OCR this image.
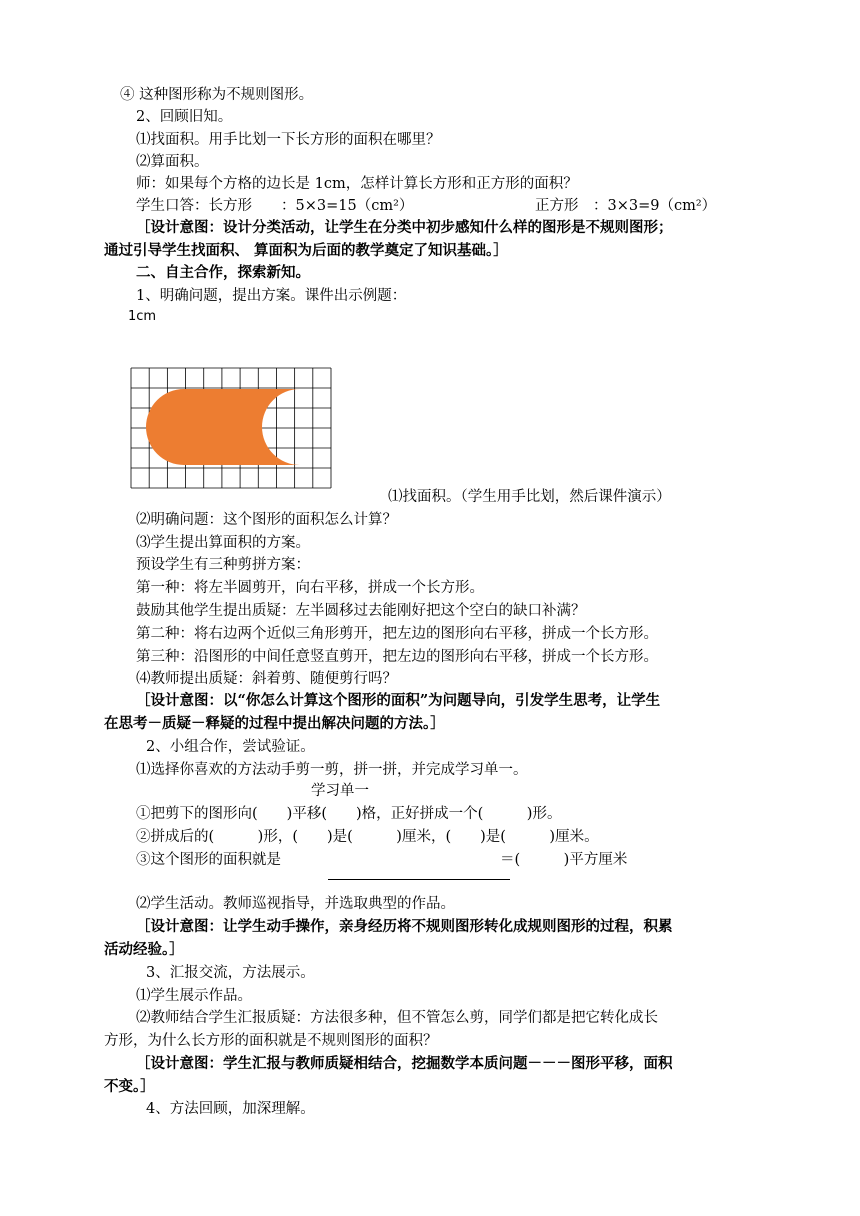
④ 这种图形称为不规则图形。
2、回顾旧知。
⑴找面积。用手比划一下长方形的面积在哪里？
⑵算面积。
师：如果每个方格的边长是 1cm，怎样计算长方形和正方形的面积？
学生口答：长方形　　：5×3=15（cm²）	正方形　：3×3=9（cm²）
［设计意图：设计分类活动，让学生在分类中初步感知什么样的图形是不规则图形；
通过引导学生找面积、 算面积为后面的教学奠定了知识基础。］
二、自主合作，探索新知。
1、明确问题，提出方案。课件出示例题：
1cm
⑴找面积。（学生用手比划，然后课件演示）
⑵明确问题：这个图形的面积怎么计算？
⑶学生提出算面积的方案。
预设学生有三种剪拼方案：
第一种：将左半圆剪开，向右平移，拼成一个长方形。
鼓励其他学生提出质疑：左半圆移过去能刚好把这个空白的缺口补满？
第二种：将右边两个近似三角形剪开，把左边的图形向右平移，拼成一个长方形。
第三种：沿图形的中间任意竖直剪开，把左边的图形向右平移，拼成一个长方形。
⑷教师提出质疑：斜着剪、随便剪行吗？
［设计意图：以“你怎么计算这个图形的面积”为问题导向，引发学生思考，让学生
在思考－质疑－释疑的过程中提出解决问题的方法。］
2、小组合作，尝试验证。
⑴选择你喜欢的方法动手剪一剪，拼一拼，并完成学习单一。
学习单一
①把剪下的图形向(　　)平移(　　)格，正好拼成一个(　　　)形。
②拼成后的(　　　)形，(　　)是(　　　)厘米，(　　)是(　　　)厘米。
③这个图形的面积就是	＝(　　　)平方厘米
⑵学生活动。教师巡视指导，并选取典型的作品。
［设计意图：让学生动手操作，亲身经历将不规则图形转化成规则图形的过程，积累
活动经验。］
3、汇报交流，方法展示。
⑴学生展示作品。
⑵教师结合学生汇报质疑：方法很多种，但不管怎么剪，同学们都是把它转化成长
方形，为什么长方形的面积就是不规则图形的面积？
［设计意图：学生汇报与教师质疑相结合，挖掘数学本质问题－－－图形平移，面积
不变。］
4、方法回顾，加深理解。
